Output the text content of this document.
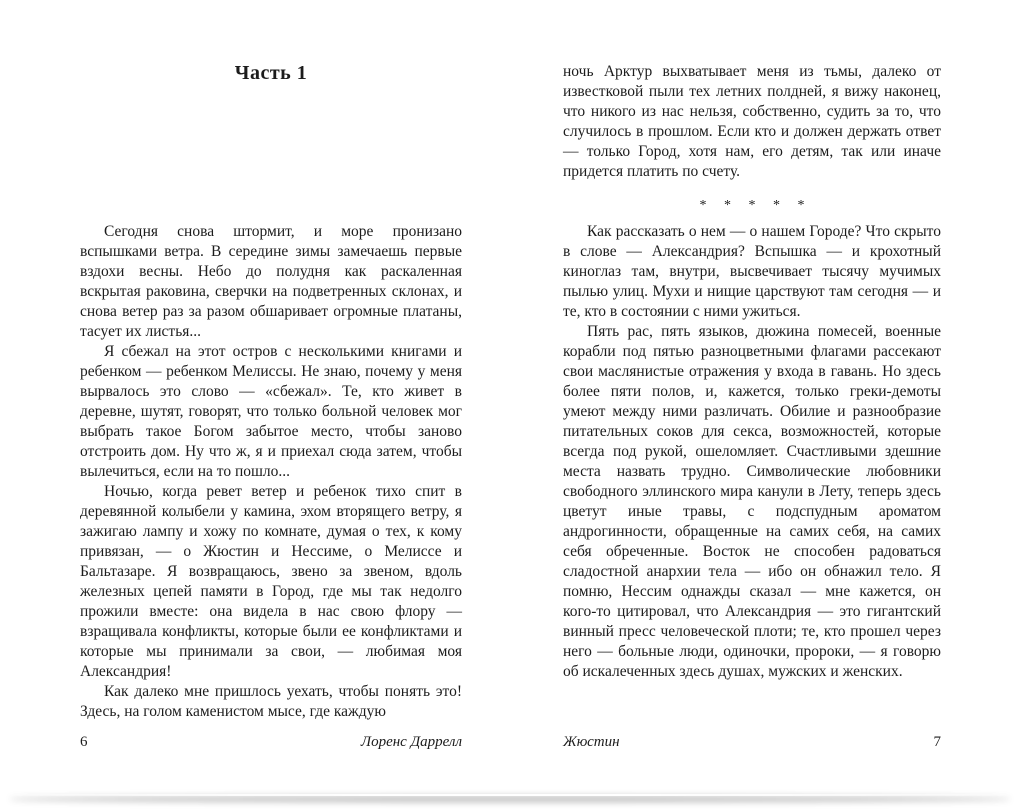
Часть 1

Сегодня снова штормит, и море пронизано вспышками ветра. В середине зимы замечаешь первые вздохи весны. Небо до полудня как раскаленная вскрытая раковина, сверчки на подветренных склонах, и снова ветер раз за разом обшаривает огромные платаны, тасует их листья...

Я сбежал на этот остров с несколькими книгами и ребенком — ребенком Мелиссы. Не знаю, почему у меня вырвалось это слово — «сбежал». Те, кто живет в деревне, шутят, говорят, что только больной человек мог выбрать такое Богом забытое место, чтобы заново отстроить дом. Ну что ж, я и приехал сюда затем, чтобы вылечиться, если на то пошло...

Ночью, когда ревет ветер и ребенок тихо спит в деревянной колыбели у камина, эхом вторящего ветру, я зажигаю лампу и хожу по комнате, думая о тех, к кому привязан, — о Жюстин и Нессиме, о Мелиссе и Бальтазаре. Я возвращаюсь, звено за звеном, вдоль железных цепей памяти в Город, где мы так недолго прожили вместе: она видела в нас свою флору — взращивала конфликты, которые были ее конфликтами и которые мы принимали за свои, — любимая моя Александрия!

Как далеко мне пришлось уехать, чтобы понять это! Здесь, на голом каменистом мысе, где каждую

6	Лоренс Даррелл

ночь Арктур выхватывает меня из тьмы, далеко от известковой пыли тех летних полдней, я вижу наконец, что никого из нас нельзя, собственно, судить за то, что случилось в прошлом. Если кто и должен держать ответ — только Город, хотя нам, его детям, так или иначе придется платить по счету.

* * * * *

Как рассказать о нем — о нашем Городе? Что скрыто в слове — Александрия? Вспышка — и крохотный киноглаз там, внутри, высвечивает тысячу мучимых пылью улиц. Мухи и нищие царствуют там сегодня — и те, кто в состоянии с ними ужиться.

Пять рас, пять языков, дюжина помесей, военные корабли под пятью разноцветными флагами рассекают свои маслянистые отражения у входа в гавань. Но здесь более пяти полов, и, кажется, только греки-демоты умеют между ними различать. Обилие и разнообразие питательных соков для секса, возможностей, которые всегда под рукой, ошеломляет. Счастливыми здешние места назвать трудно. Символические любовники свободного эллинского мира канули в Лету, теперь здесь цветут иные травы, с подспудным ароматом андрогинности, обращенные на самих себя, на самих себя обреченные. Восток не способен радоваться сладостной анархии тела — ибо он обнажил тело. Я помню, Нессим однажды сказал — мне кажется, он кого-то цитировал, что Александрия — это гигантский винный пресс человеческой плоти; те, кто прошел через него — больные люди, одиночки, пророки, — я говорю об искалеченных здесь душах, мужских и женских.

Жюстин	7
